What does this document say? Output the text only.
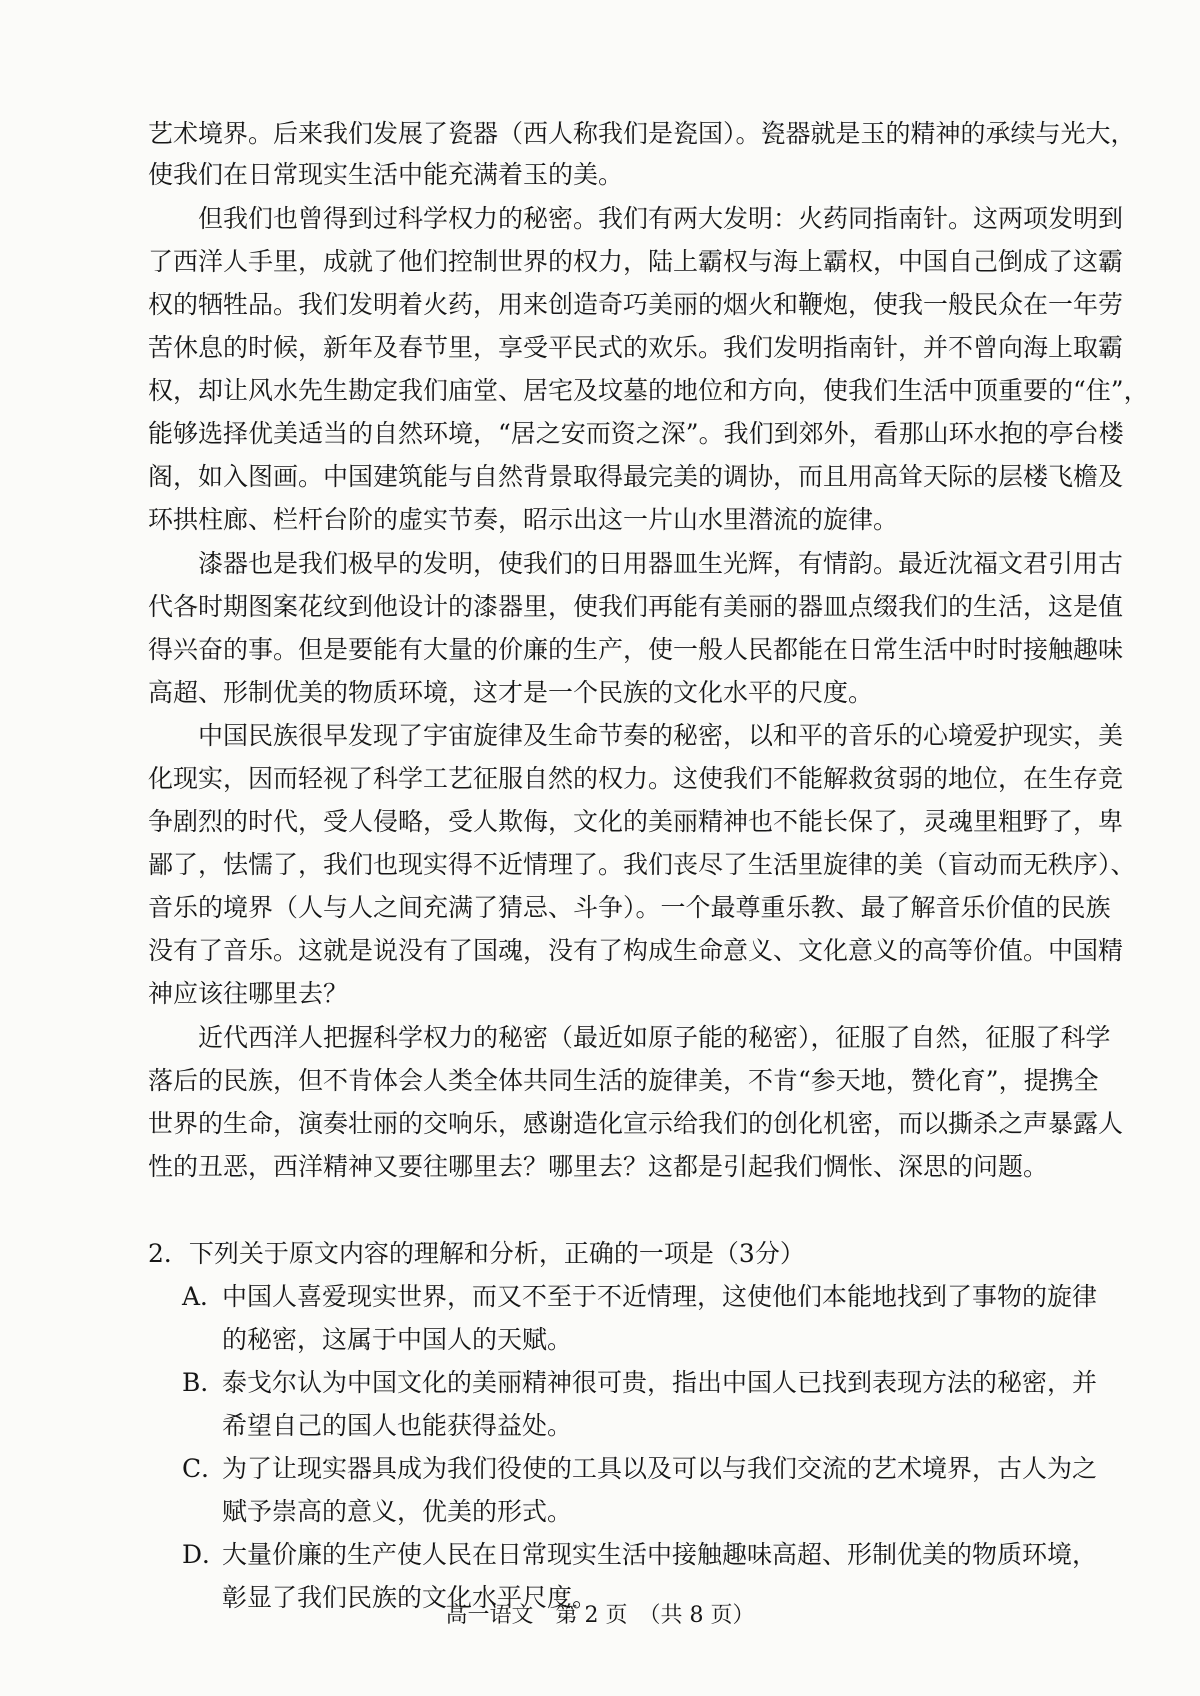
艺术境界。后来我们发展了瓷器（西人称我们是瓷国）。瓷器就是玉的精神的承续与光大，
使我们在日常现实生活中能充满着玉的美。
但我们也曾得到过科学权力的秘密。我们有两大发明：火药同指南针。这两项发明到
了西洋人手里，成就了他们控制世界的权力，陆上霸权与海上霸权，中国自己倒成了这霸
权的牺牲品。我们发明着火药，用来创造奇巧美丽的烟火和鞭炮，使我一般民众在一年劳
苦休息的时候，新年及春节里，享受平民式的欢乐。我们发明指南针，并不曾向海上取霸
权，却让风水先生勘定我们庙堂、居宅及坟墓的地位和方向，使我们生活中顶重要的“住”，
能够选择优美适当的自然环境，“居之安而资之深”。我们到郊外，看那山环水抱的亭台楼
阁，如入图画。中国建筑能与自然背景取得最完美的调协，而且用高耸天际的层楼飞檐及
环拱柱廊、栏杆台阶的虚实节奏，昭示出这一片山水里潜流的旋律。
漆器也是我们极早的发明，使我们的日用器皿生光辉，有情韵。最近沈福文君引用古
代各时期图案花纹到他设计的漆器里，使我们再能有美丽的器皿点缀我们的生活，这是值
得兴奋的事。但是要能有大量的价廉的生产，使一般人民都能在日常生活中时时接触趣味
高超、形制优美的物质环境，这才是一个民族的文化水平的尺度。
中国民族很早发现了宇宙旋律及生命节奏的秘密，以和平的音乐的心境爱护现实，美
化现实，因而轻视了科学工艺征服自然的权力。这使我们不能解救贫弱的地位，在生存竞
争剧烈的时代，受人侵略，受人欺侮，文化的美丽精神也不能长保了，灵魂里粗野了，卑
鄙了，怯懦了，我们也现实得不近情理了。我们丧尽了生活里旋律的美（盲动而无秩序）、
音乐的境界（人与人之间充满了猜忌、斗争）。一个最尊重乐教、最了解音乐价值的民族
没有了音乐。这就是说没有了国魂，没有了构成生命意义、文化意义的高等价值。中国精
神应该往哪里去？
近代西洋人把握科学权力的秘密（最近如原子能的秘密），征服了自然，征服了科学
落后的民族，但不肯体会人类全体共同生活的旋律美，不肯“参天地，赞化育”，提携全
世界的生命，演奏壮丽的交响乐，感谢造化宣示给我们的创化机密，而以撕杀之声暴露人
2．下列关于原文内容的理解和分析，正确的一项是（3分）
A．
中国人喜爱现实世界，而又不至于不近情理，这使他们本能地找到了事物的旋律
的秘密，这属于中国人的天赋。
B．
泰戈尔认为中国文化的美丽精神很可贵，指出中国人已找到表现方法的秘密，并
希望自己的国人也能获得益处。
C．
为了让现实器具成为我们役使的工具以及可以与我们交流的艺术境界，古人为之
赋予崇高的意义，优美的形式。
D．
大量价廉的生产使人民在日常现实生活中接触趣味高超、形制优美的物质环境，
彰显了我们民族的文化水平尺度。
性的丑恶，西洋精神又要往哪里去？哪里去？这都是引起我们惆怅、深思的问题。
高一语文　第 2 页　（共 8 页）
